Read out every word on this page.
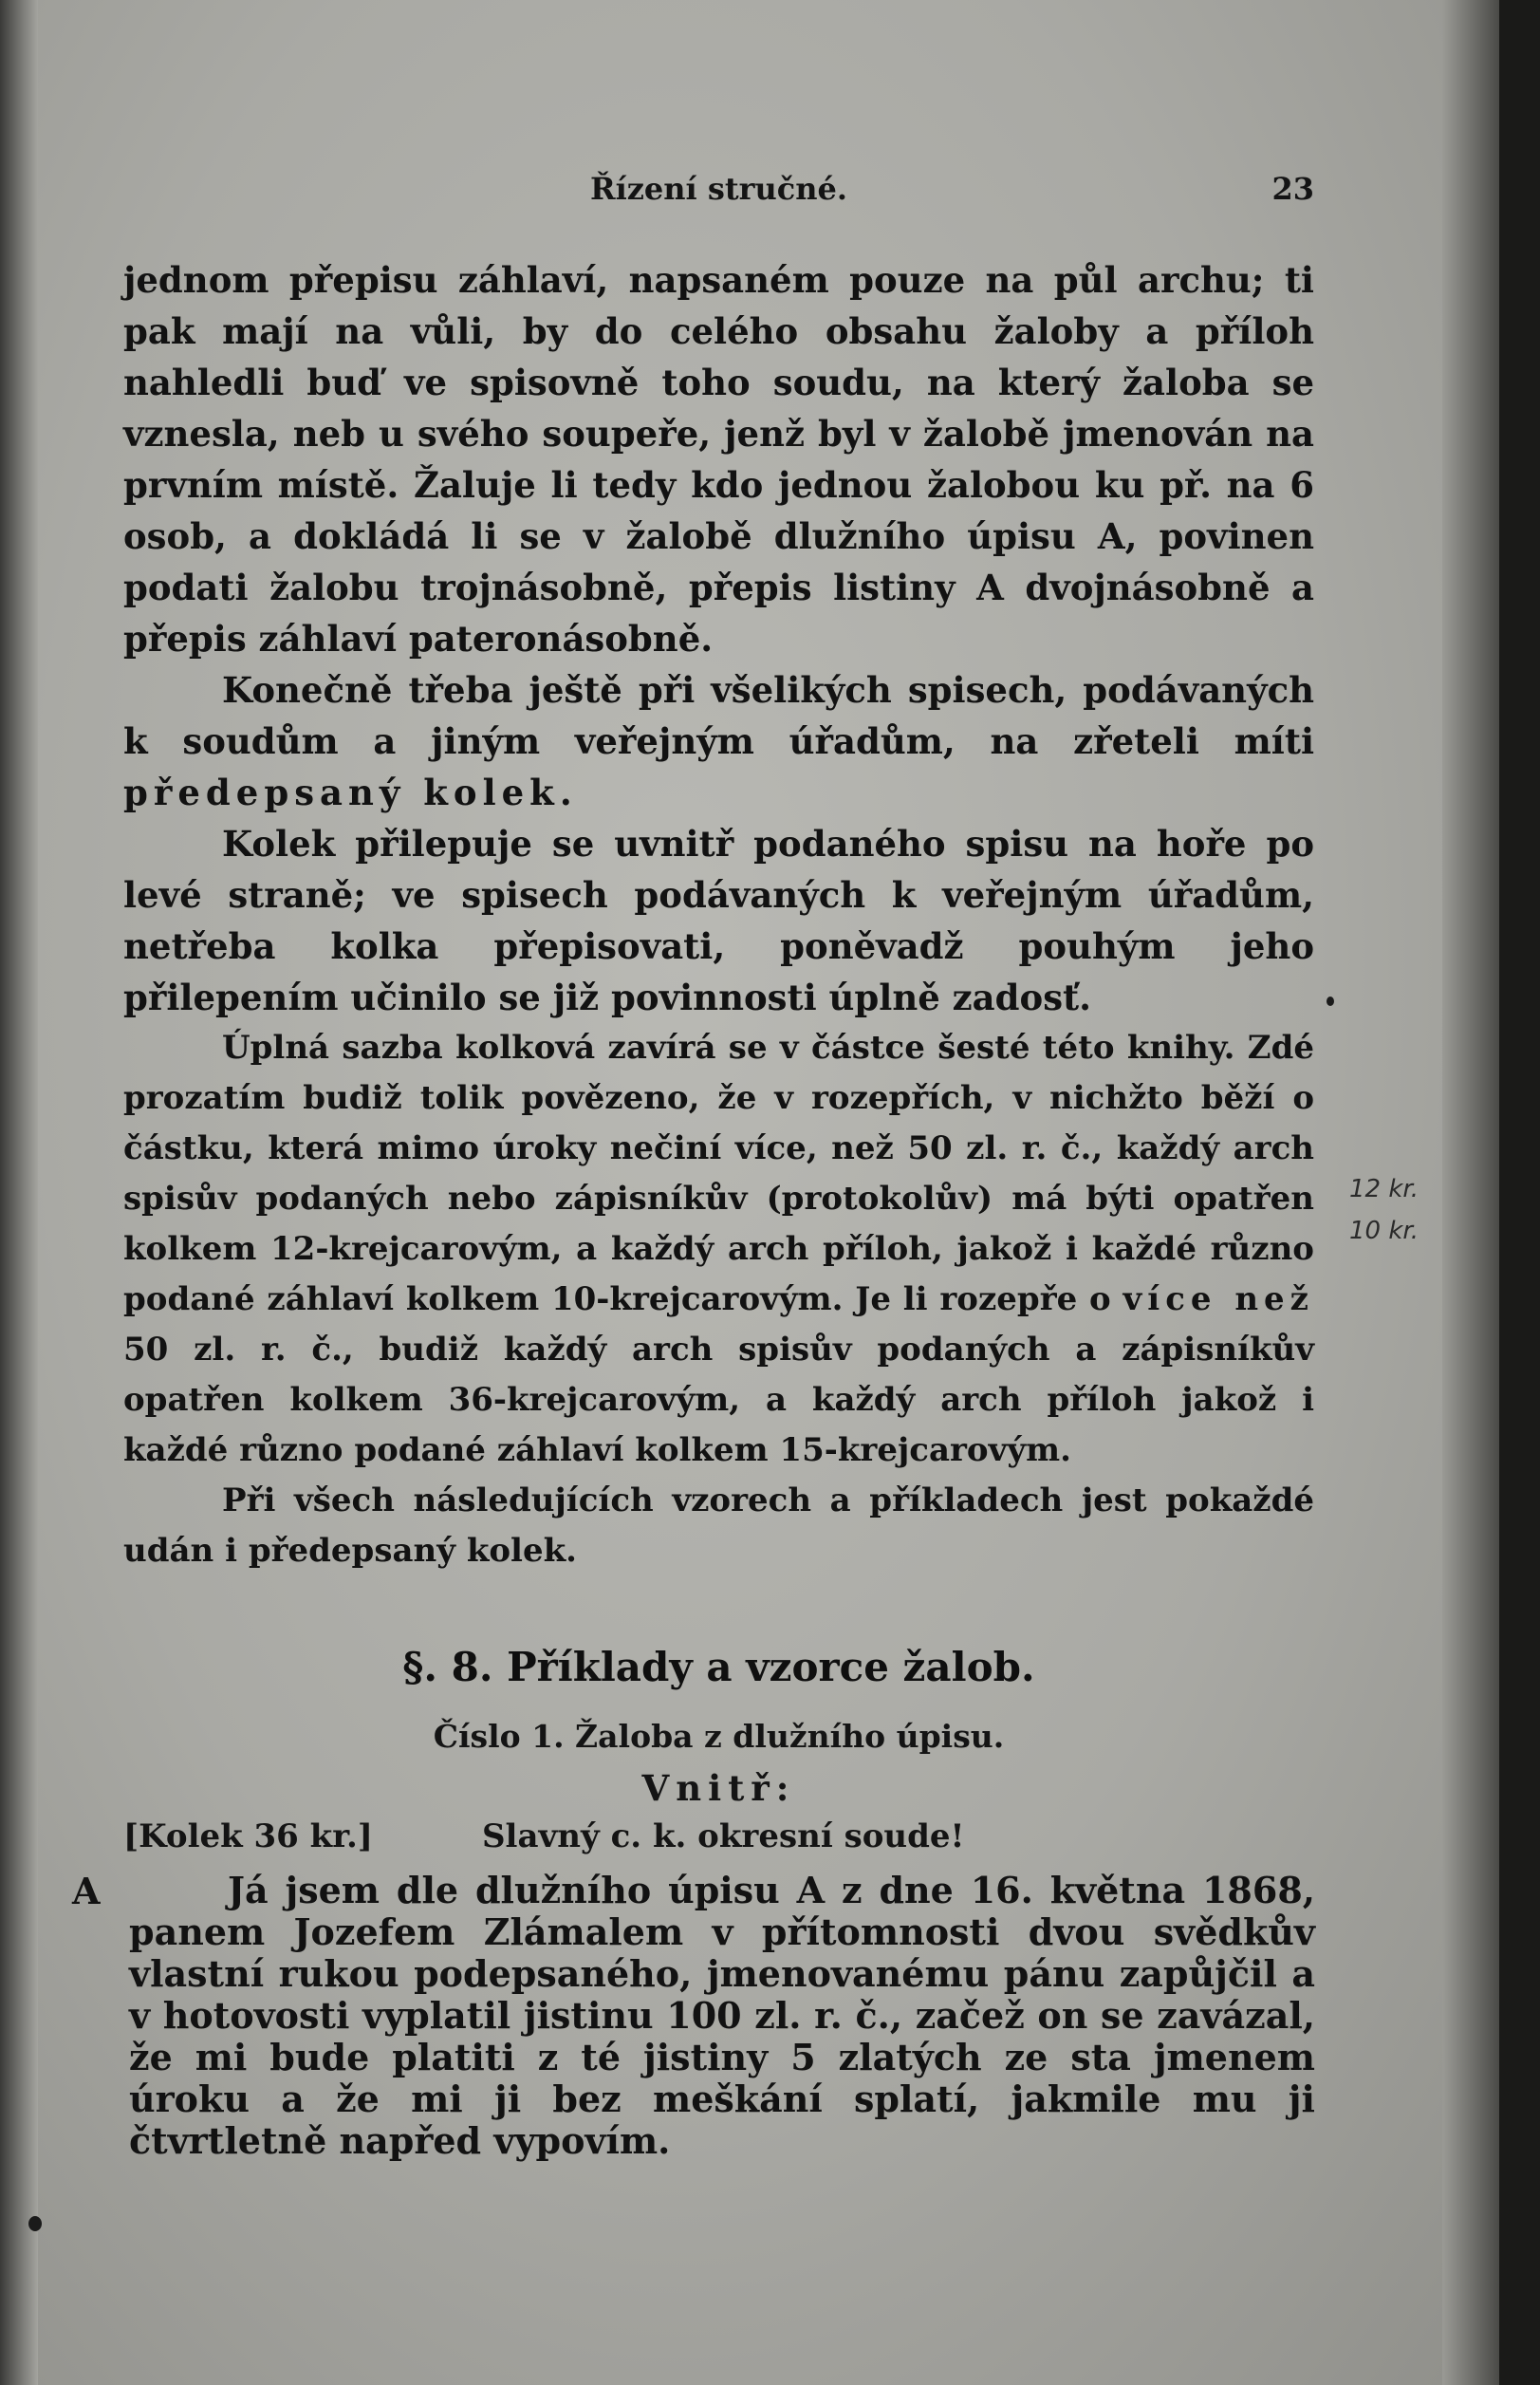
Řízení stručné.	23

jednom přepisu záhlaví, napsaném pouze na půl archu; ti pak mají na vůli, by do celého obsahu žaloby a příloh nahledli buď ve spisovně toho soudu, na který žaloba se vznesla, neb u svého soupeře, jenž byl v žalobě jmenován na prvním místě. Žaluje li tedy kdo jednou žalobou ku př. na 6 osob, a dokládá li se v žalobě dlužního úpisu A, povinen podati žalobu trojnásobně, přepis listiny A dvojnásobně a přepis záhlaví pateronásobně.

Konečně třeba ještě při všelikých spisech, podávaných k soudům a jiným veřejným úřadům, na zřeteli míti předepsaný kolek.

Kolek přilepuje se uvnitř podaného spisu na hoře po levé straně; ve spisech podávaných k veřejným úřadům, netřeba kolka přepisovati, poněvadž pouhým jeho přilepením učinilo se již povinnosti úplně zadosť.

Úplná sazba kolková zavírá se v částce šesté této knihy. Zdé prozatím budiž tolik povězeno, že v rozepřích, v nichžto běží o částku, která mimo úroky nečiní více, než 50 zl. r. č., každý arch spisův podaných nebo zápisníkův (protokolův) má býti opatřen kolkem 12-krejcarovým, a každý arch příloh, jakož i každé různo podané záhlaví kolkem 10-krejcarovým. Je li rozepře o více než 50 zl. r. č., budiž každý arch spisův podaných a zápisníkův opatřen kolkem 36-krejcarovým, a každý arch příloh jakož i každé různo podané záhlaví kolkem 15-krejcarovým.

Při všech následujících vzorech a příkladech jest pokaždé udán i předepsaný kolek.

12 kr.
10 kr.
§. 8. Příklady a vzorce žalob.
Číslo 1. Žaloba z dlužního úpisu.
Vnitř:
[Kolek 36 kr.]	Slavný c. k. okresní soude!
A	Já jsem dle dlužního úpisu A z dne 16. května 1868, panem Jozefem Zlámalem v přítomnosti dvou svědkův vlastní rukou podepsaného, jmenovanému pánu zapůjčil a v hotovosti vyplatil jistinu 100 zl. r. č., začež on se zavázal, že mi bude platiti z té jistiny 5 zlatých ze sta jmenem úroku a že mi ji bez meškání splatí, jakmile mu ji čtvrtletně napřed vypovím.
